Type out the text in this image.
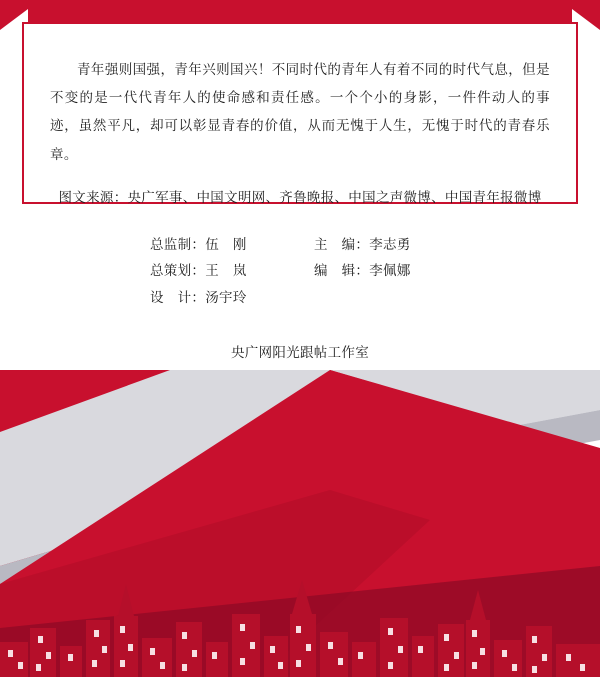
青年强则国强，青年兴则国兴！不同时代的青年人有着不同的时代气息，但是不变的是一代代青年人的使命感和责任感。一个个小的身影，一件件动人的事迹，虽然平凡，却可以彰显青春的价值，从而无愧于人生，无愧于时代的青春乐章。

图文来源：央广军事、中国文明网、齐鲁晚报、中国之声微博、中国青年报微博
总监制：伍　刚	主　编：李志勇
总策划：王　岚	编　辑：李佩娜
设　计：汤宇玲
央广网阳光跟帖工作室
